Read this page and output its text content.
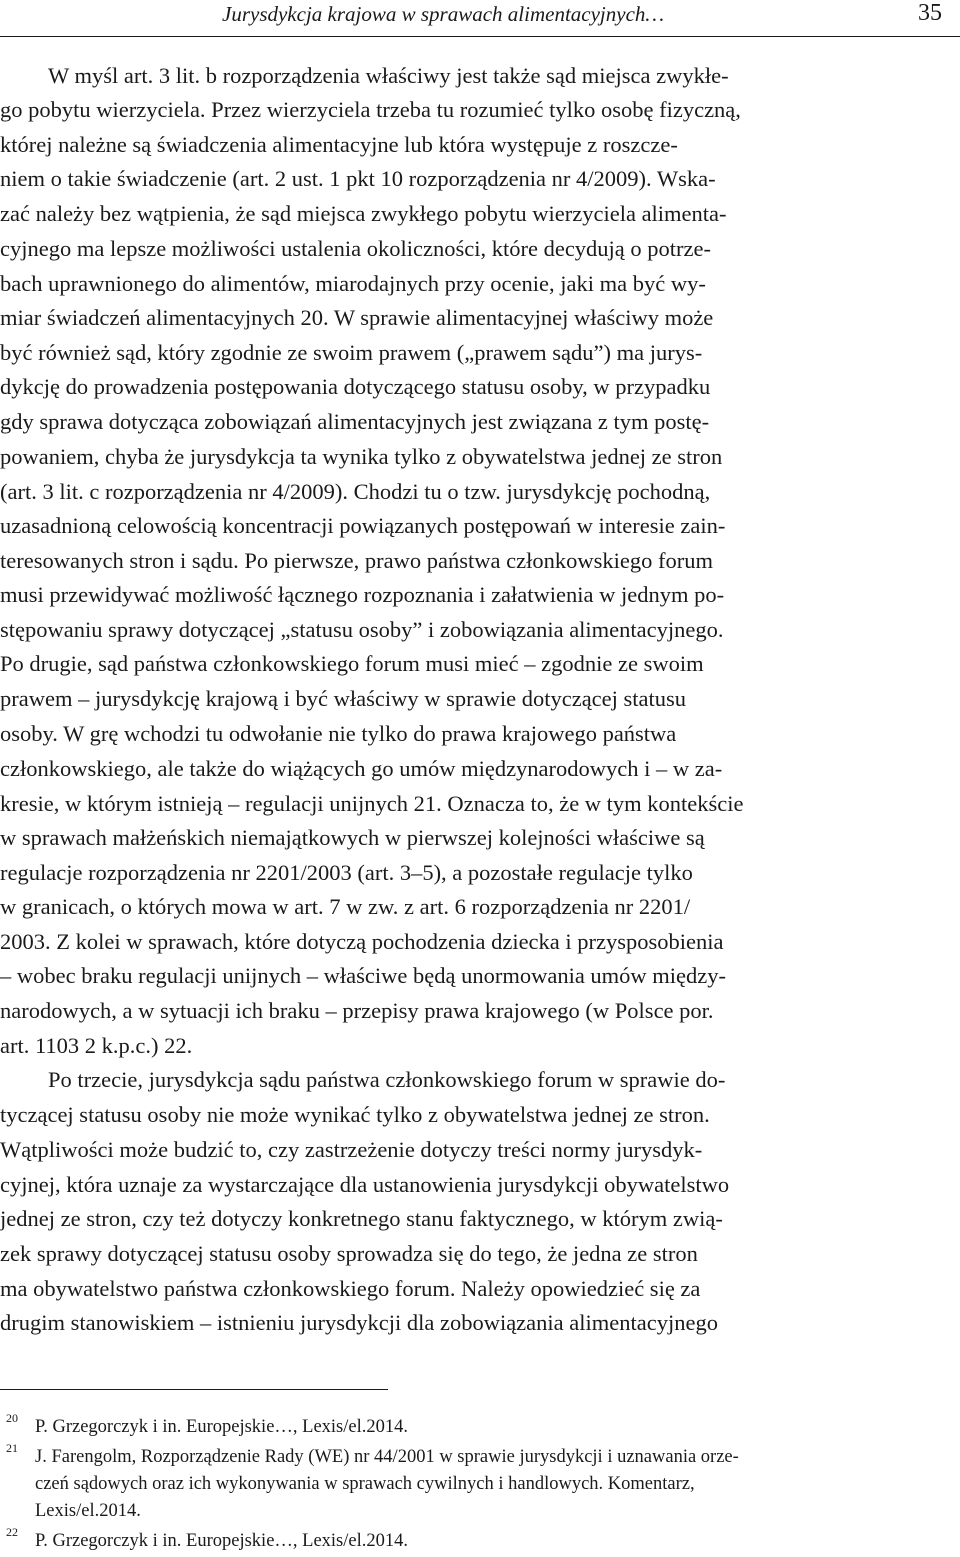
Jurysdykcja krajowa w sprawach alimentacyjnych…	35
W myśl art. 3 lit. b rozporządzenia właściwy jest także sąd miejsca zwykłe-
go pobytu wierzyciela. Przez wierzyciela trzeba tu rozumieć tylko osobę fizyczną,
której należne są świadczenia alimentacyjne lub która występuje z roszcze-
niem o takie świadczenie (art. 2 ust. 1 pkt 10 rozporządzenia nr 4/2009). Wska-
zać należy bez wątpienia, że sąd miejsca zwykłego pobytu wierzyciela alimenta-
cyjnego ma lepsze możliwości ustalenia okoliczności, które decydują o potrze-
bach uprawnionego do alimentów, miarodajnych przy ocenie, jaki ma być wy-
miar świadczeń alimentacyjnych 20. W sprawie alimentacyjnej właściwy może
być również sąd, który zgodnie ze swoim prawem („prawem sądu”) ma jurys-
dykcję do prowadzenia postępowania dotyczącego statusu osoby, w przypadku
gdy sprawa dotycząca zobowiązań alimentacyjnych jest związana z tym postę-
powaniem, chyba że jurysdykcja ta wynika tylko z obywatelstwa jednej ze stron
(art. 3 lit. c rozporządzenia nr 4/2009). Chodzi tu o tzw. jurysdykcję pochodną,
uzasadnioną celowością koncentracji powiązanych postępowań w interesie zain-
teresowanych stron i sądu. Po pierwsze, prawo państwa członkowskiego forum
musi przewidywać możliwość łącznego rozpoznania i załatwienia w jednym po-
stępowaniu sprawy dotyczącej „statusu osoby” i zobowiązania alimentacyjnego.
Po drugie, sąd państwa członkowskiego forum musi mieć – zgodnie ze swoim
prawem – jurysdykcję krajową i być właściwy w sprawie dotyczącej statusu
osoby. W grę wchodzi tu odwołanie nie tylko do prawa krajowego państwa
członkowskiego, ale także do wiążących go umów międzynarodowych i – w za-
kresie, w którym istnieją – regulacji unijnych 21. Oznacza to, że w tym kontekście
w sprawach małżeńskich niemajątkowych w pierwszej kolejności właściwe są
regulacje rozporządzenia nr 2201/2003 (art. 3–5), a pozostałe regulacje tylko
w granicach, o których mowa w art. 7 w zw. z art. 6 rozporządzenia nr 2201/
2003. Z kolei w sprawach, które dotyczą pochodzenia dziecka i przysposobienia
– wobec braku regulacji unijnych – właściwe będą unormowania umów między-
narodowych, a w sytuacji ich braku – przepisy prawa krajowego (w Polsce por.
art. 1103 2 k.p.c.) 22.
Po trzecie, jurysdykcja sądu państwa członkowskiego forum w sprawie do-
tyczącej statusu osoby nie może wynikać tylko z obywatelstwa jednej ze stron.
Wątpliwości może budzić to, czy zastrzeżenie dotyczy treści normy jurysdyk-
cyjnej, która uznaje za wystarczające dla ustanowienia jurysdykcji obywatelstwo
jednej ze stron, czy też dotyczy konkretnego stanu faktycznego, w którym zwią-
zek sprawy dotyczącej statusu osoby sprowadza się do tego, że jedna ze stron
ma obywatelstwo państwa członkowskiego forum. Należy opowiedzieć się za
drugim stanowiskiem – istnieniu jurysdykcji dla zobowiązania alimentacyjnego
20 P. Grzegorczyk i in. Europejskie…, Lexis/el.2014.
21 J. Farengolm, Rozporządzenie Rady (WE) nr 44/2001 w sprawie jurysdykcji i uznawania orze-
czeń sądowych oraz ich wykonywania w sprawach cywilnych i handlowych. Komentarz,
Lexis/el.2014.
22 P. Grzegorczyk i in. Europejskie…, Lexis/el.2014.
